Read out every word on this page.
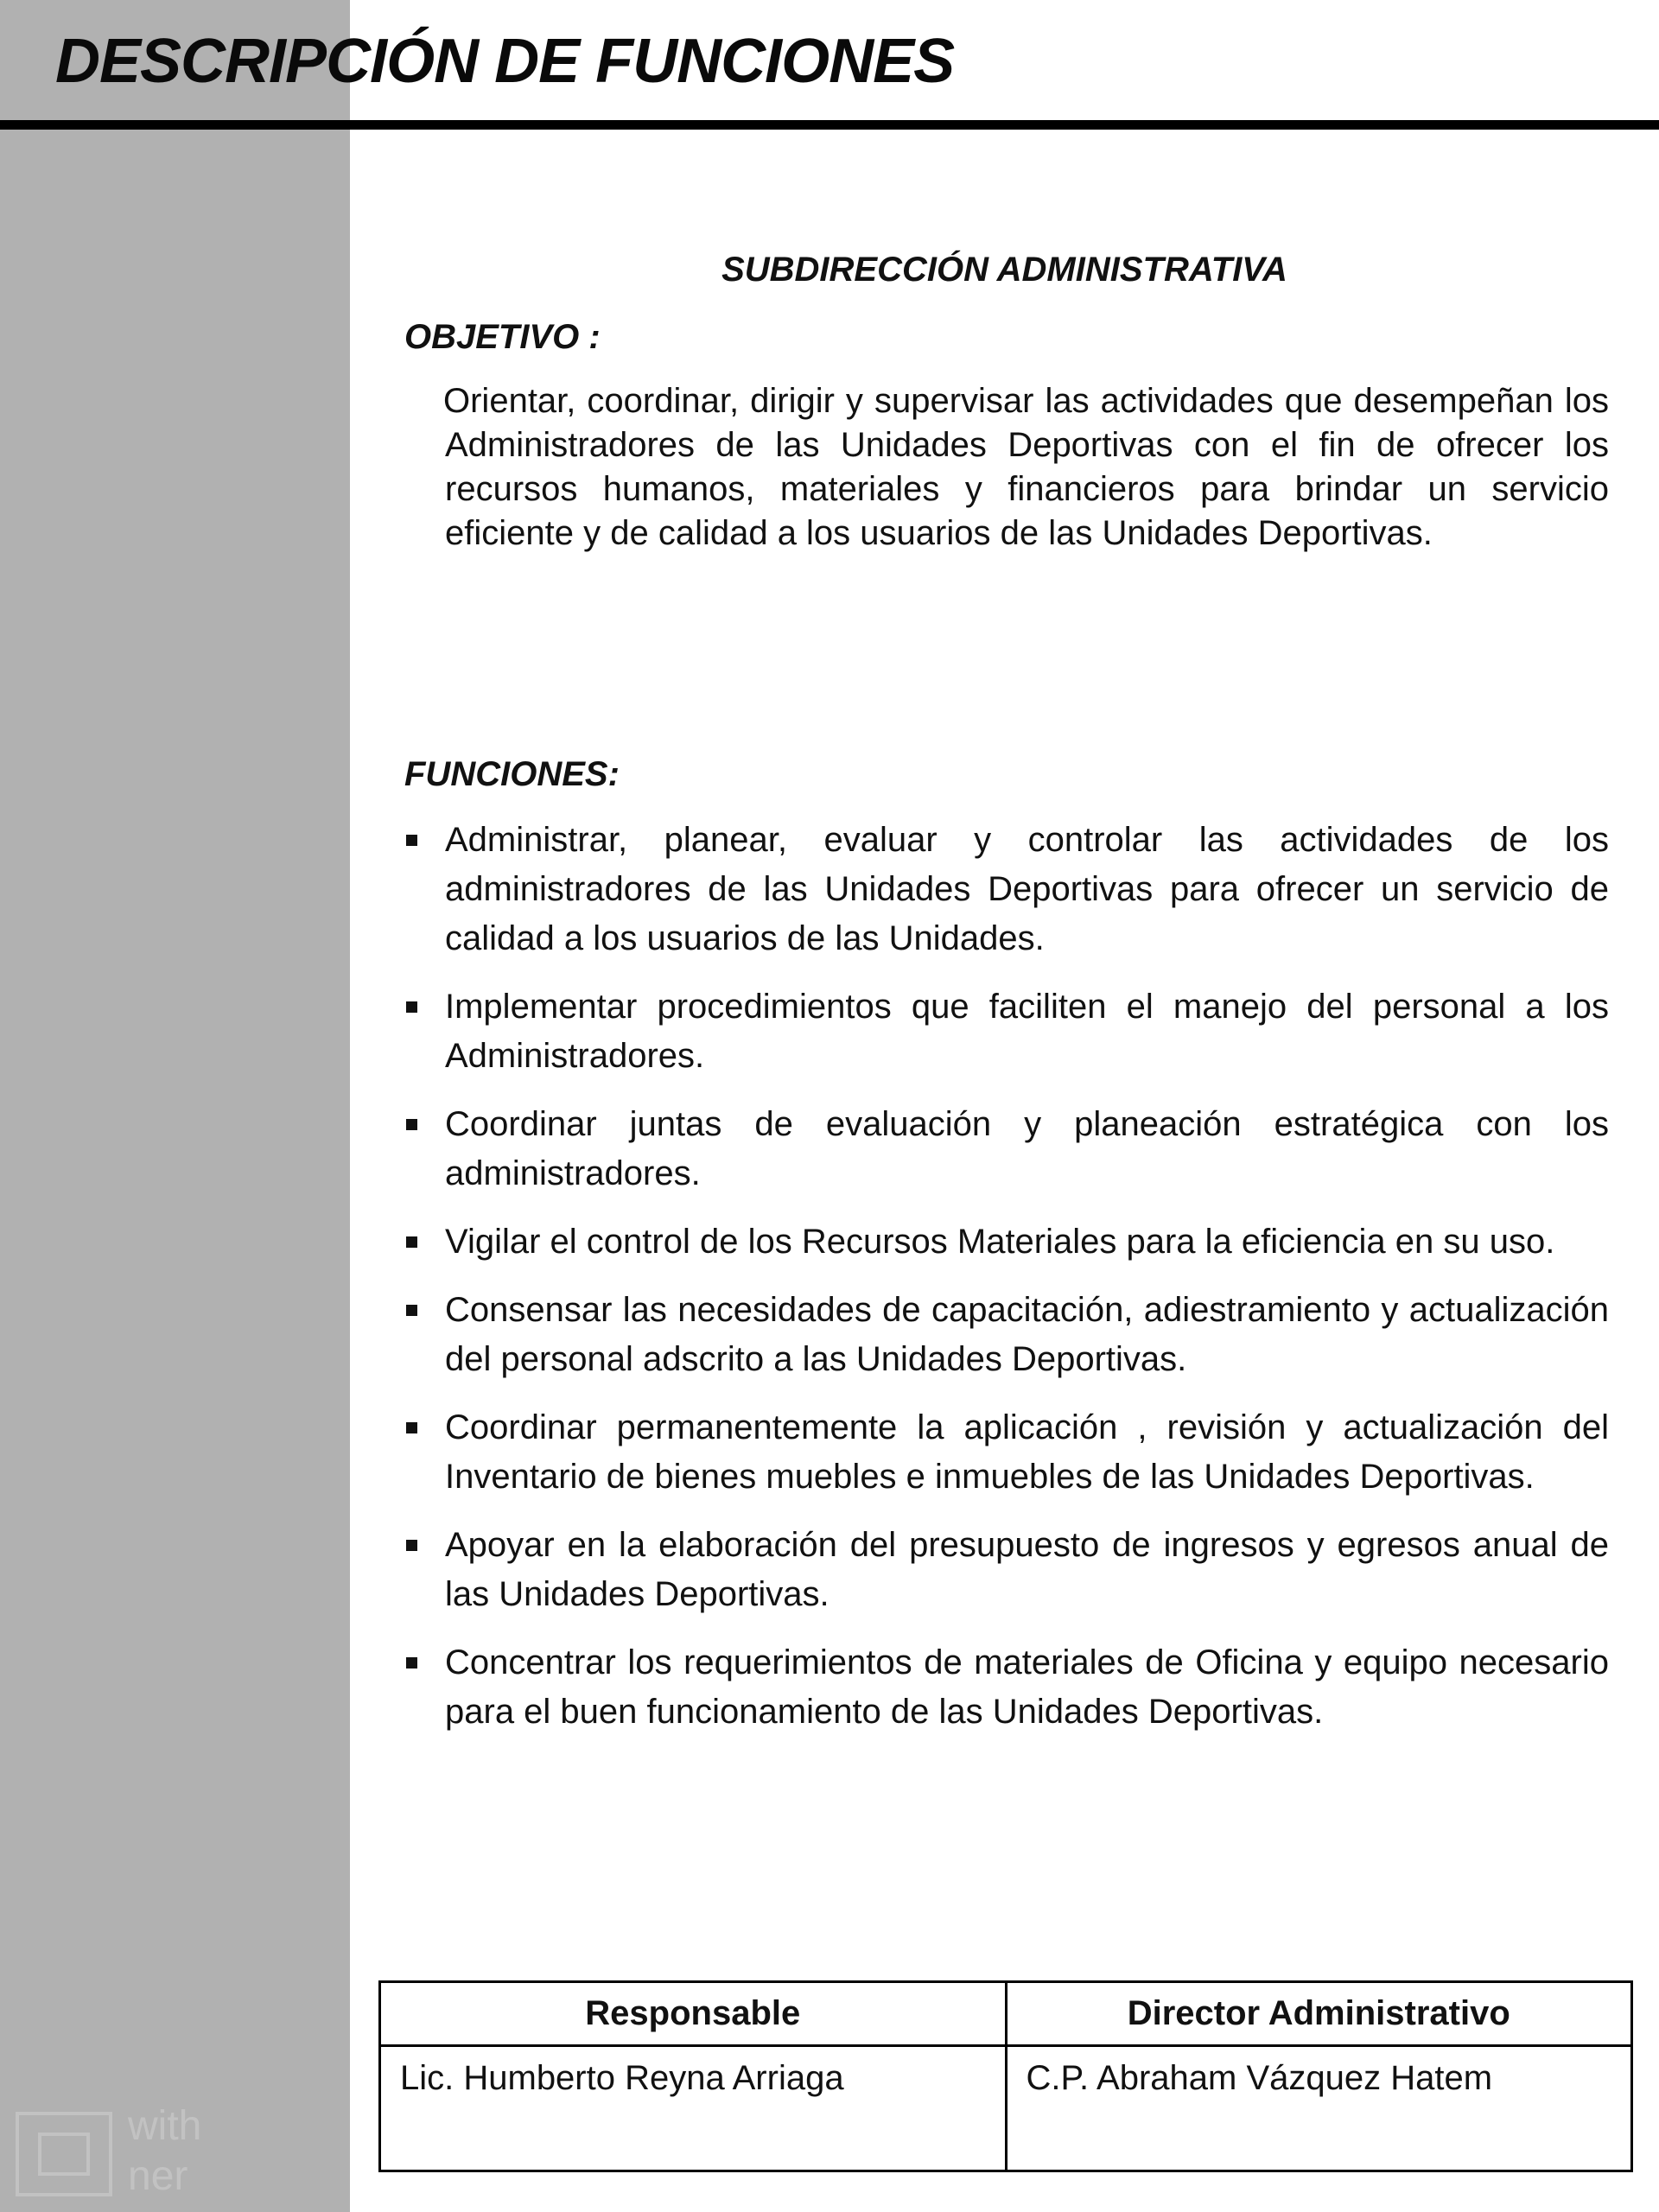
DESCRIPCIÓN DE FUNCIONES
SUBDIRECCIÓN ADMINISTRATIVA
OBJETIVO :

Orientar, coordinar, dirigir y supervisar las actividades que desempeñan los Administradores de las Unidades Deportivas con el fin de ofrecer los recursos humanos, materiales y financieros para brindar un servicio eficiente y de calidad a los usuarios de las Unidades Deportivas.

FUNCIONES:
Administrar, planear, evaluar y controlar las actividades de los administradores de las Unidades Deportivas para ofrecer un servicio de calidad a los usuarios de las Unidades.
Implementar procedimientos que faciliten el manejo del personal a los Administradores.
Coordinar juntas de evaluación y planeación estratégica con los administradores.
Vigilar el control de los Recursos Materiales para la eficiencia en su uso.
Consensar las necesidades de capacitación, adiestramiento y actualización del personal adscrito a las Unidades Deportivas.
Coordinar permanentemente la aplicación , revisión y actualización del Inventario de bienes muebles e inmuebles de las Unidades Deportivas.
Apoyar en la elaboración del presupuesto de ingresos y egresos anual de las Unidades Deportivas.
Concentrar los requerimientos de materiales de Oficina y equipo necesario para el buen funcionamiento de las Unidades Deportivas.
Responsable	Director Administrativo
Lic. Humberto Reyna Arriaga	C.P. Abraham Vázquez Hatem
with
ner
